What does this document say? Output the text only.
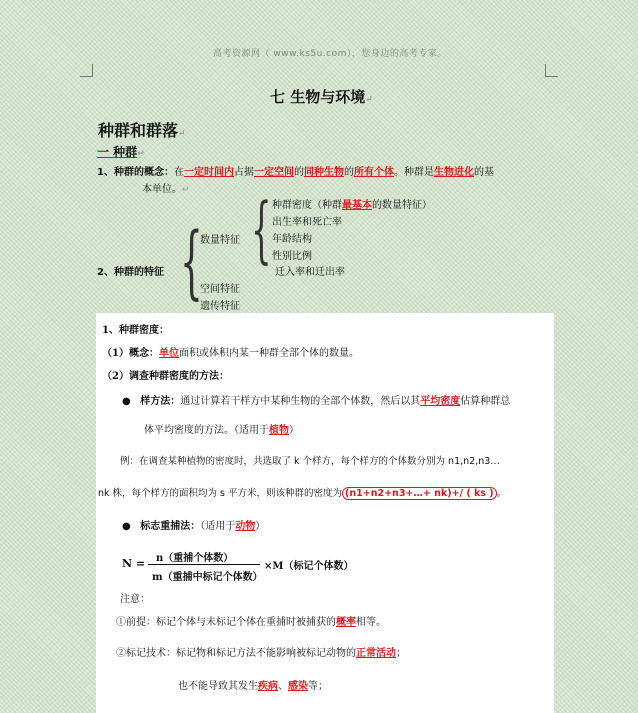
高考资源网（ www.ks5u.com），您身边的高考专家。
七 生物与环境↵
种群和群落↵
一 种群↵
1、种群的概念：在一定时间内占据一定空间的同种生物的所有个体。种群是生物进化的基
本单位。↵
2、种群的特征 {
数量特征 { 种群密度（种群最基本的数量特征）
出生率和死亡率
年龄结构
性别比例
迁入率和迁出率
空间特征
遗传特征
1、种群密度：
（1）概念：单位面积或体积内某一种群全部个体的数量。
（2）调查种群密度的方法：
●   样方法：通过计算若干样方中某种生物的全部个体数，然后以其平均密度估算种群总
体平均密度的方法。（适用于植物）
例：在调查某种植物的密度时，共选取了 k 个样方，每个样方的个体数分别为 n1,n2,n3…
nk 株，每个样方的面积均为 s 平方米，则该种群的密度为 (n1+n2+n3+…+ nk)+/ ( ks ) 。
●   标志重捕法：（适用于动物）
N = n（重捕个体数）
m（重捕中标记个体数）
×M（标记个体数）
注意：
①前提：标记个体与未标记个体在重捕时被捕获的概率相等。
②标记技术：标记物和标记方法不能影响被标记动物的正常活动；
也不能导致其发生疾病、感染等；
